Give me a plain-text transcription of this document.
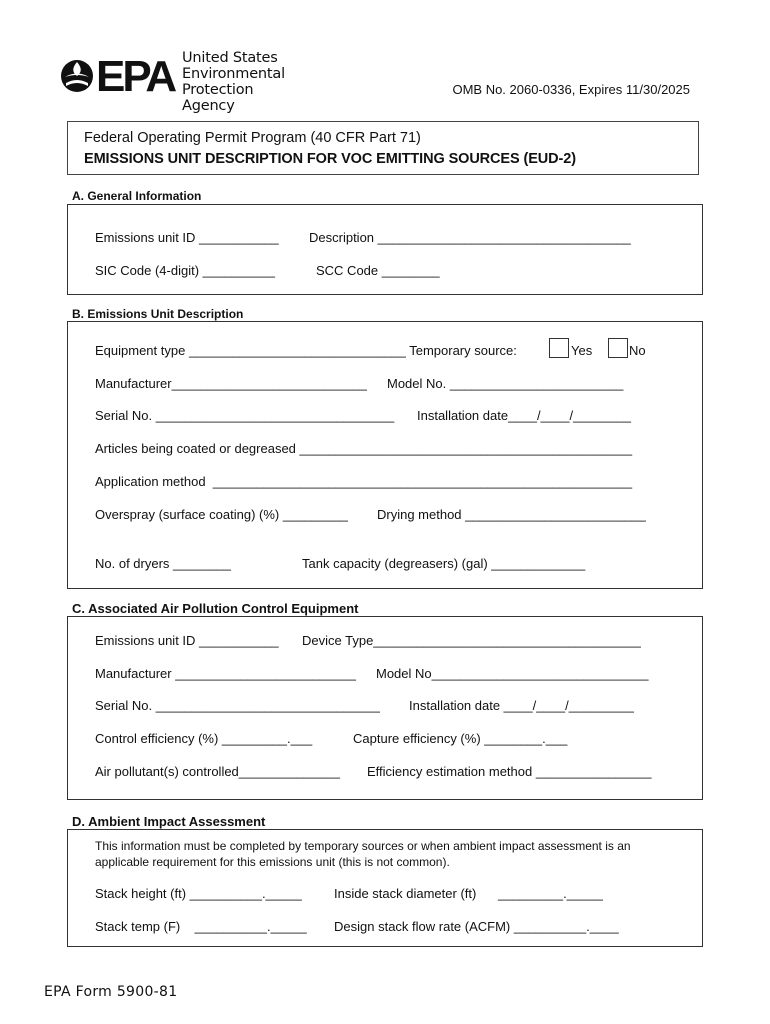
EPA United States
Environmental Protection
Agency
OMB No. 2060-0336, Expires 11/30/2025
Federal Operating Permit Program (40 CFR Part 71)
EMISSIONS UNIT DESCRIPTION FOR VOC EMITTING SOURCES (EUD-2)
A. General Information
Emissions unit ID ___________ Description ___________________________________
SIC Code (4-digit) __________	SCC Code ________
B. Emissions Unit Description
Equipment type ______________________________ Temporary source:	Yes	No
Manufacturer___________________________ Model No. ________________________
Serial No. _________________________________ Installation date____/____/________
Articles being coated or degreased ______________________________________________
Application method  __________________________________________________________
Overspray (surface coating) (%) _________ Drying method _________________________
No. of dryers ________	Tank capacity (degreasers) (gal) _____________
C. Associated Air Pollution Control Equipment
Emissions unit ID ___________ Device Type_____________________________________
Manufacturer _________________________ Model No______________________________
Serial No. _______________________________ Installation date ____/____/_________
Control efficiency (%) _________.___	Capture efficiency (%) ________.___
Air pollutant(s) controlled______________ Efficiency estimation method ________________
D. Ambient Impact Assessment
This information must be completed by temporary sources or when ambient impact assessment is an
applicable requirement for this emissions unit (this is not common).
Stack height (ft) __________._____ Inside stack diameter (ft)      _________._____
Stack temp (F)    __________._____ Design stack flow rate (ACFM) __________.____
EPA Form 5900-81
